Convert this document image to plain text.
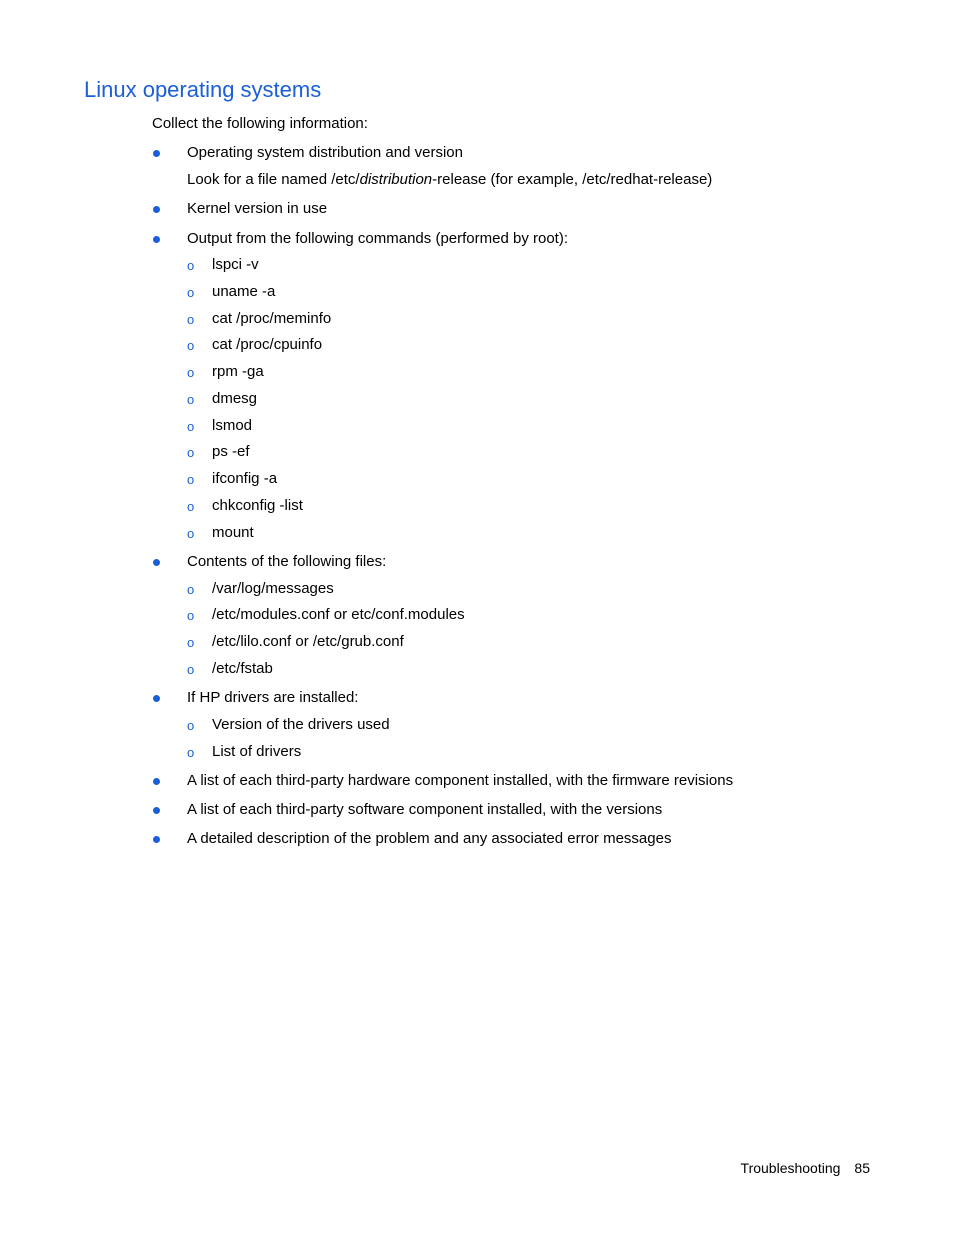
Linux operating systems

Collect the following information:

Operating system distribution and version
Look for a file named /etc/distribution-release (for example, /etc/redhat-release)
Kernel version in use
Output from the following commands (performed by root):
o lspci -v
o uname -a
o cat /proc/meminfo
o cat /proc/cpuinfo
o rpm -ga
o dmesg
o lsmod
o ps -ef
o ifconfig -a
o chkconfig -list
o mount
Contents of the following files:
o /var/log/messages
o /etc/modules.conf or etc/conf.modules
o /etc/lilo.conf or /etc/grub.conf
o /etc/fstab
If HP drivers are installed:
o Version of the drivers used
o List of drivers
A list of each third-party hardware component installed, with the firmware revisions
A list of each third-party software component installed, with the versions
A detailed description of the problem and any associated error messages
Troubleshooting 85
